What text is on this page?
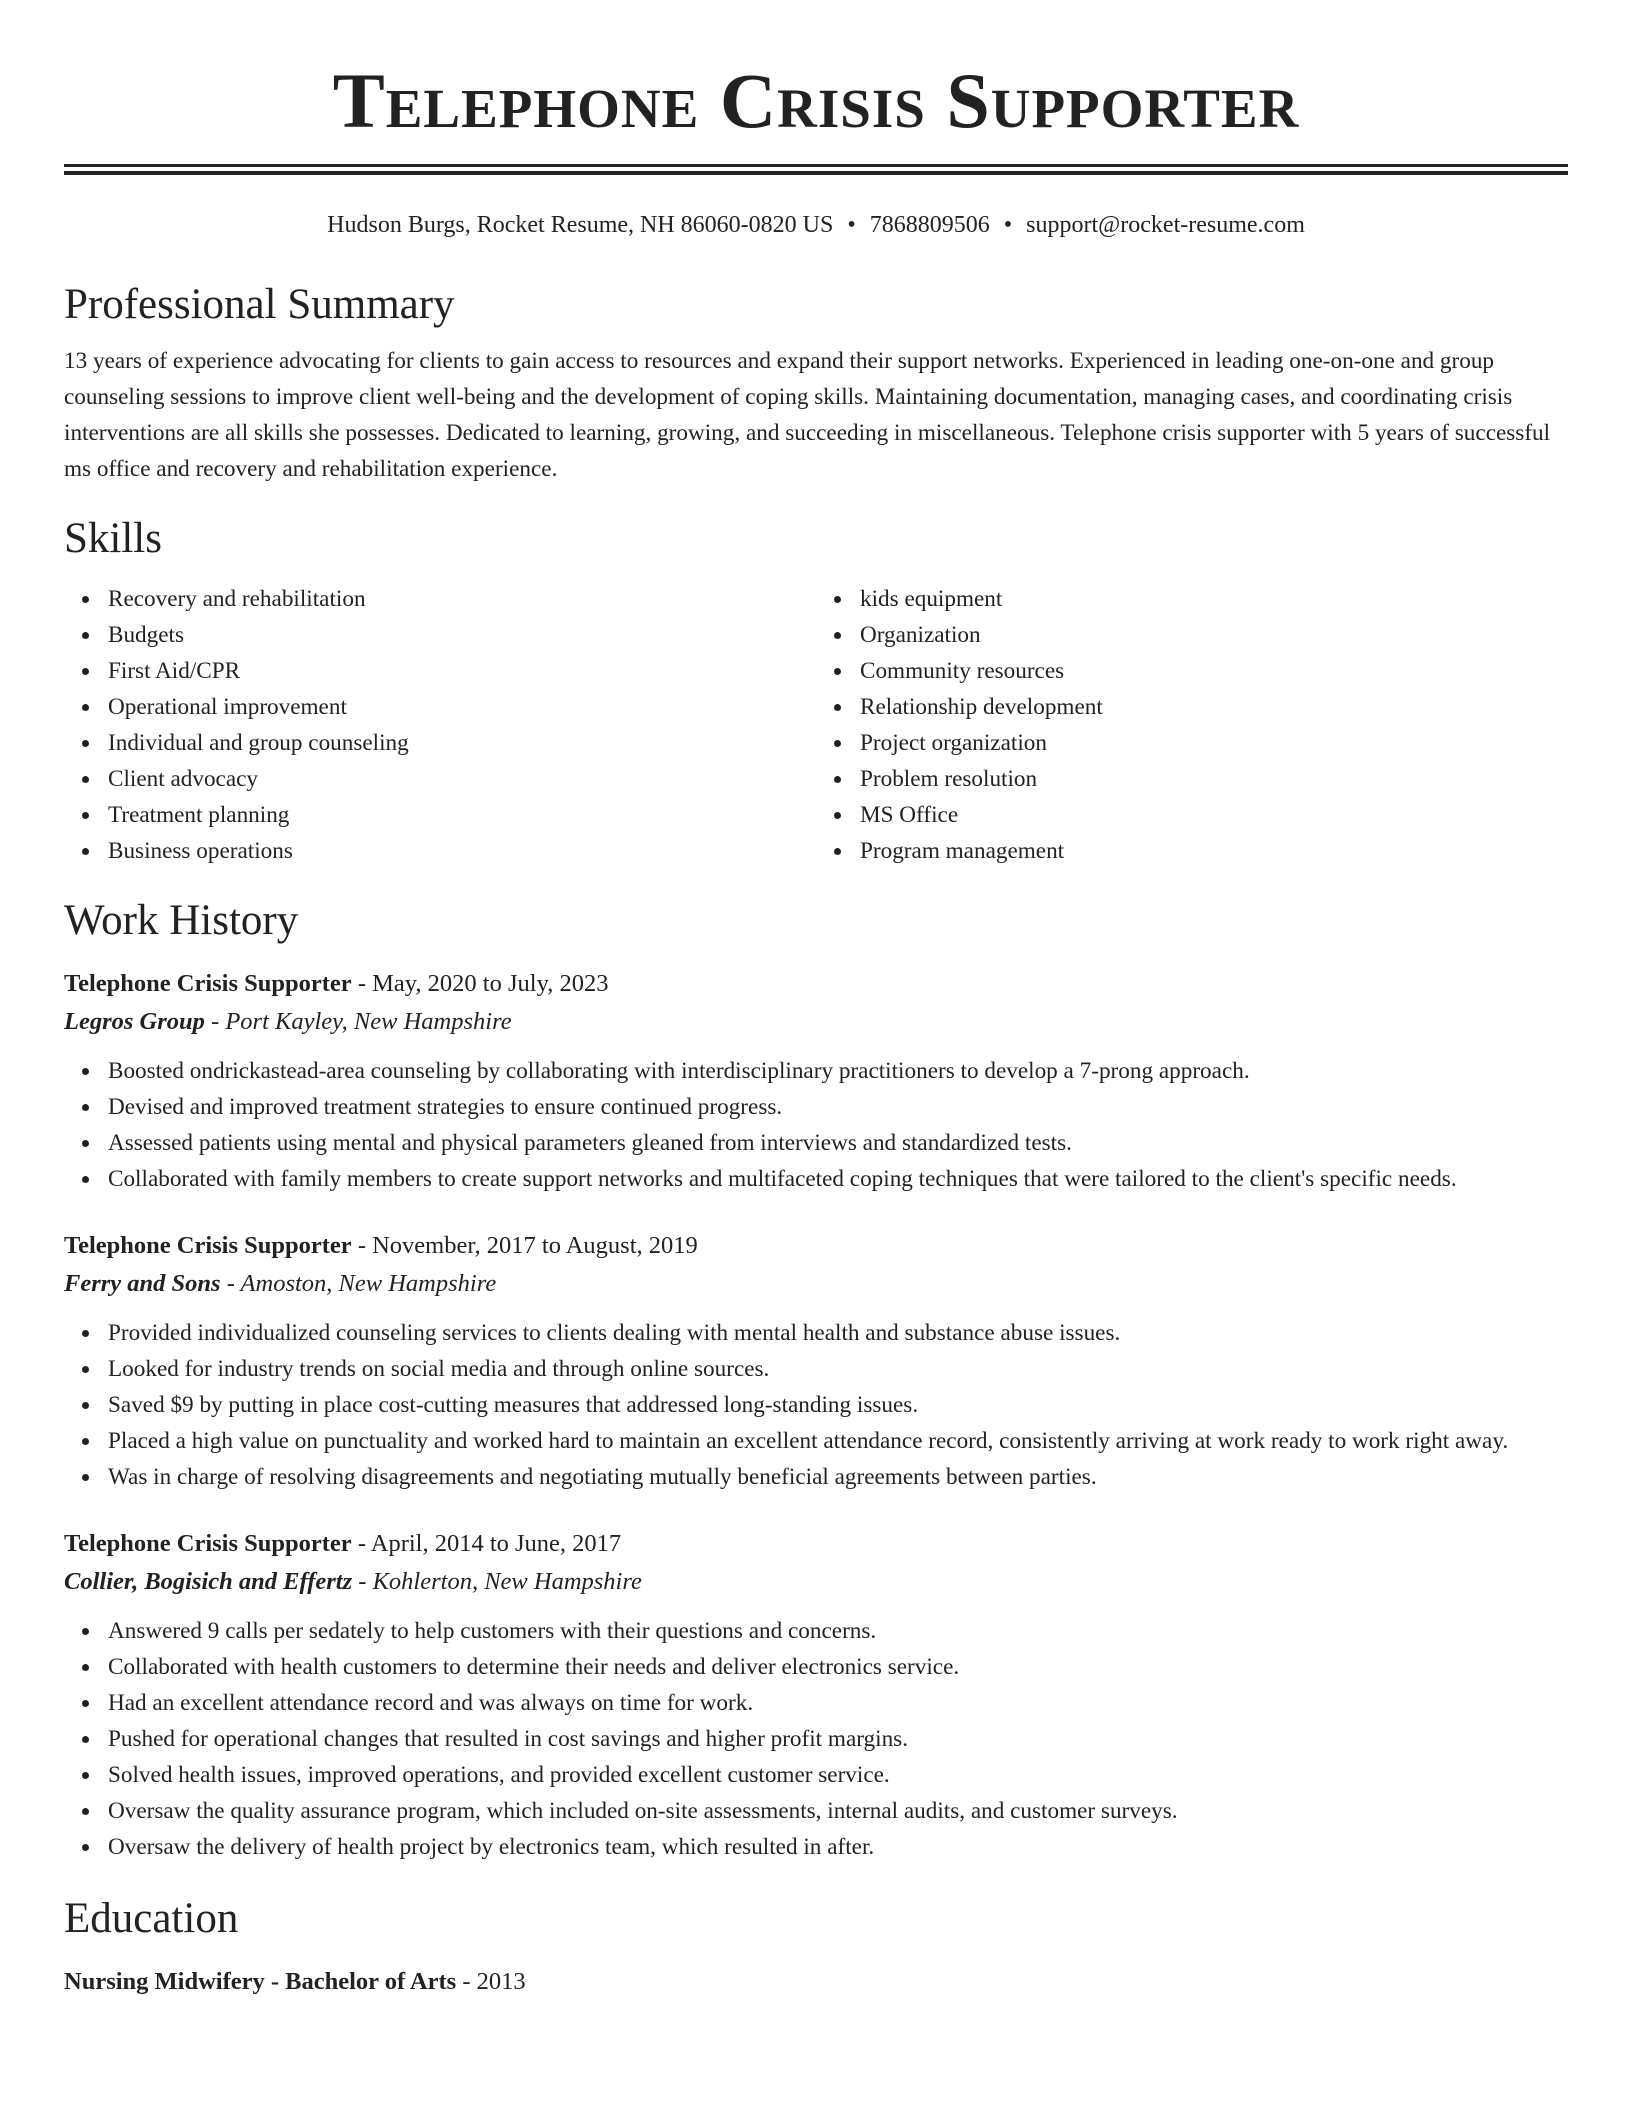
Telephone Crisis Supporter
Hudson Burgs, Rocket Resume, NH 86060-0820 US • 7868809506 • support@rocket-resume.com
Professional Summary

13 years of experience advocating for clients to gain access to resources and expand their support networks. Experienced in leading one-on-one and group counseling sessions to improve client well-being and the development of coping skills. Maintaining documentation, managing cases, and coordinating crisis interventions are all skills she possesses. Dedicated to learning, growing, and succeeding in miscellaneous. Telephone crisis supporter with 5 years of successful ms office and recovery and rehabilitation experience.

Skills
Recovery and rehabilitation
Budgets
First Aid/CPR
Operational improvement
Individual and group counseling
Client advocacy
Treatment planning
Business operations
kids equipment
Organization
Community resources
Relationship development
Project organization
Problem resolution
MS Office
Program management
Work History
Telephone Crisis Supporter - May, 2020 to July, 2023
Legros Group - Port Kayley, New Hampshire
Boosted ondrickastead-area counseling by collaborating with interdisciplinary practitioners to develop a 7-prong approach.
Devised and improved treatment strategies to ensure continued progress.
Assessed patients using mental and physical parameters gleaned from interviews and standardized tests.
Collaborated with family members to create support networks and multifaceted coping techniques that were tailored to the client's specific needs.
Telephone Crisis Supporter - November, 2017 to August, 2019
Ferry and Sons - Amoston, New Hampshire
Provided individualized counseling services to clients dealing with mental health and substance abuse issues.
Looked for industry trends on social media and through online sources.
Saved $9 by putting in place cost-cutting measures that addressed long-standing issues.
Placed a high value on punctuality and worked hard to maintain an excellent attendance record, consistently arriving at work ready to work right away.
Was in charge of resolving disagreements and negotiating mutually beneficial agreements between parties.
Telephone Crisis Supporter - April, 2014 to June, 2017
Collier, Bogisich and Effertz - Kohlerton, New Hampshire
Answered 9 calls per sedately to help customers with their questions and concerns.
Collaborated with health customers to determine their needs and deliver electronics service.
Had an excellent attendance record and was always on time for work.
Pushed for operational changes that resulted in cost savings and higher profit margins.
Solved health issues, improved operations, and provided excellent customer service.
Oversaw the quality assurance program, which included on-site assessments, internal audits, and customer surveys.
Oversaw the delivery of health project by electronics team, which resulted in after.
Education
Nursing Midwifery - Bachelor of Arts - 2013
